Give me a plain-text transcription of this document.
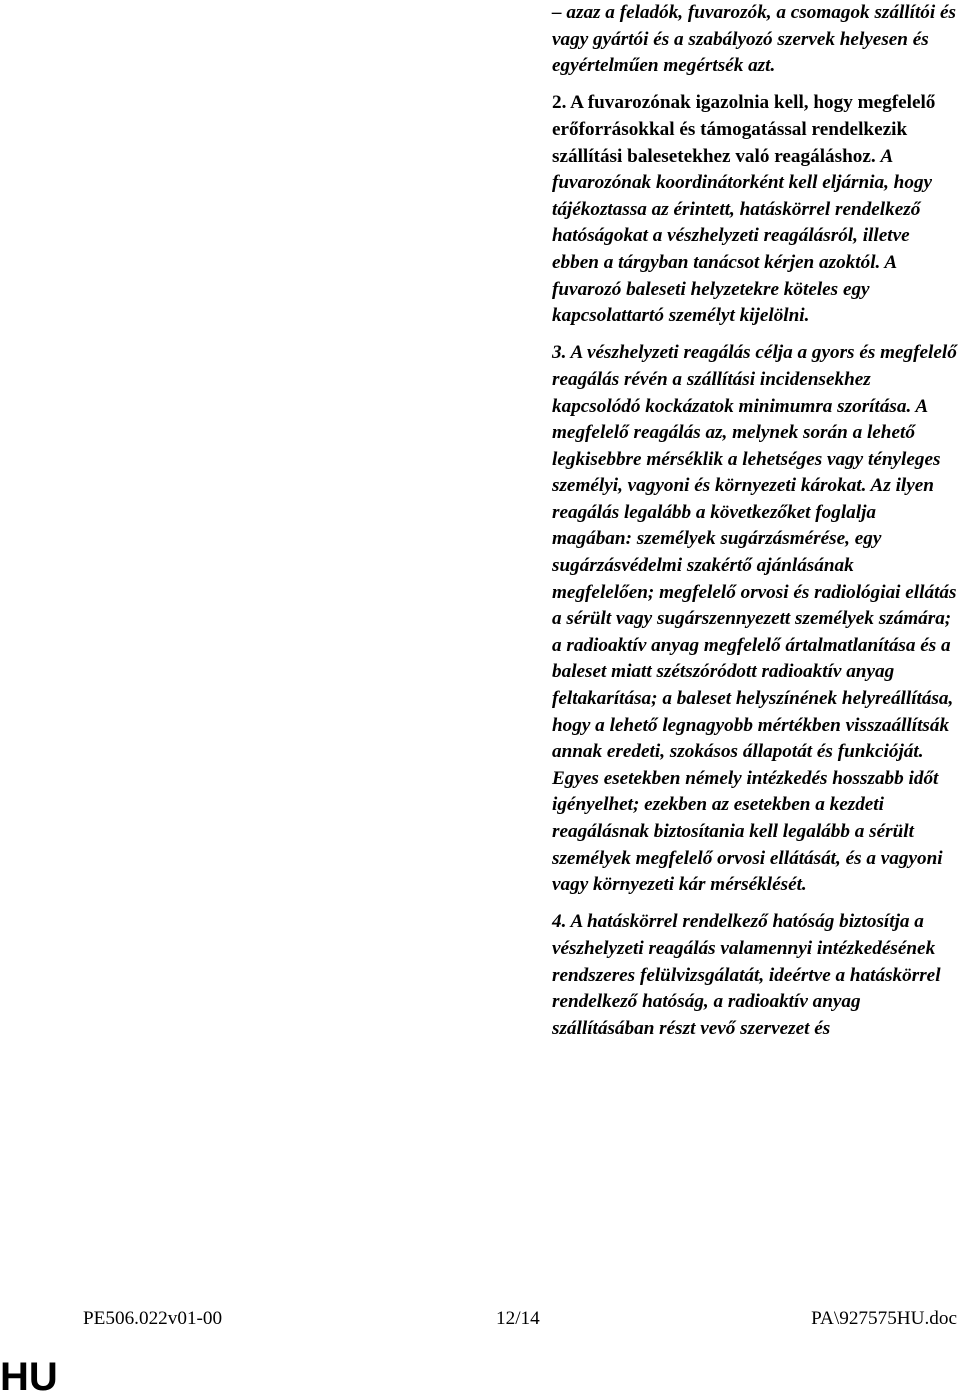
– azaz a feladók, fuvarozók, a csomagok szállítói és vagy gyártói és a szabályozó szervek helyesen és egyértelműen megértsék azt.

2. A fuvarozónak igazolnia kell, hogy megfelelő erőforrásokkal és támogatással rendelkezik szállítási balesetekhez való reagáláshoz. A fuvarozónak koordinátorként kell eljárnia, hogy tájékoztassa az érintett, hatáskörrel rendelkező hatóságokat a vészhelyzeti reagálásról, illetve ebben a tárgyban tanácsot kérjen azoktól. A fuvarozó baleseti helyzetekre köteles egy kapcsolattartó személyt kijelölni.

3. A vészhelyzeti reagálás célja a gyors és megfelelő reagálás révén a szállítási incidensekhez kapcsolódó kockázatok minimumra szorítása. A megfelelő reagálás az, melynek során a lehető legkisebbre mérséklik a lehetséges vagy tényleges személyi, vagyoni és környezeti károkat. Az ilyen reagálás legalább a következőket foglalja magában: személyek sugárzásmérése, egy sugárzásvédelmi szakértő ajánlásának megfelelően; megfelelő orvosi és radiológiai ellátás a sérült vagy sugárszennyezett személyek számára; a radioaktív anyag megfelelő ártalmatlanítása és a baleset miatt szétszóródott radioaktív anyag feltakarítása; a baleset helyszínének helyreállítása, hogy a lehető legnagyobb mértékben visszaállítsák annak eredeti, szokásos állapotát és funkcióját. Egyes esetekben némely intézkedés hosszabb időt igényelhet; ezekben az esetekben a kezdeti reagálásnak biztosítania kell legalább a sérült személyek megfelelő orvosi ellátását, és a vagyoni vagy környezeti kár mérséklését.

4. A hatáskörrel rendelkező hatóság biztosítja a vészhelyzeti reagálás valamennyi intézkedésének rendszeres felülvizsgálatát, ideértve a hatáskörrel rendelkező hatóság, a radioaktív anyag szállításában részt vevő szervezet és

PE506.022v01-00	12/14	PA\927575HU.doc
HU
